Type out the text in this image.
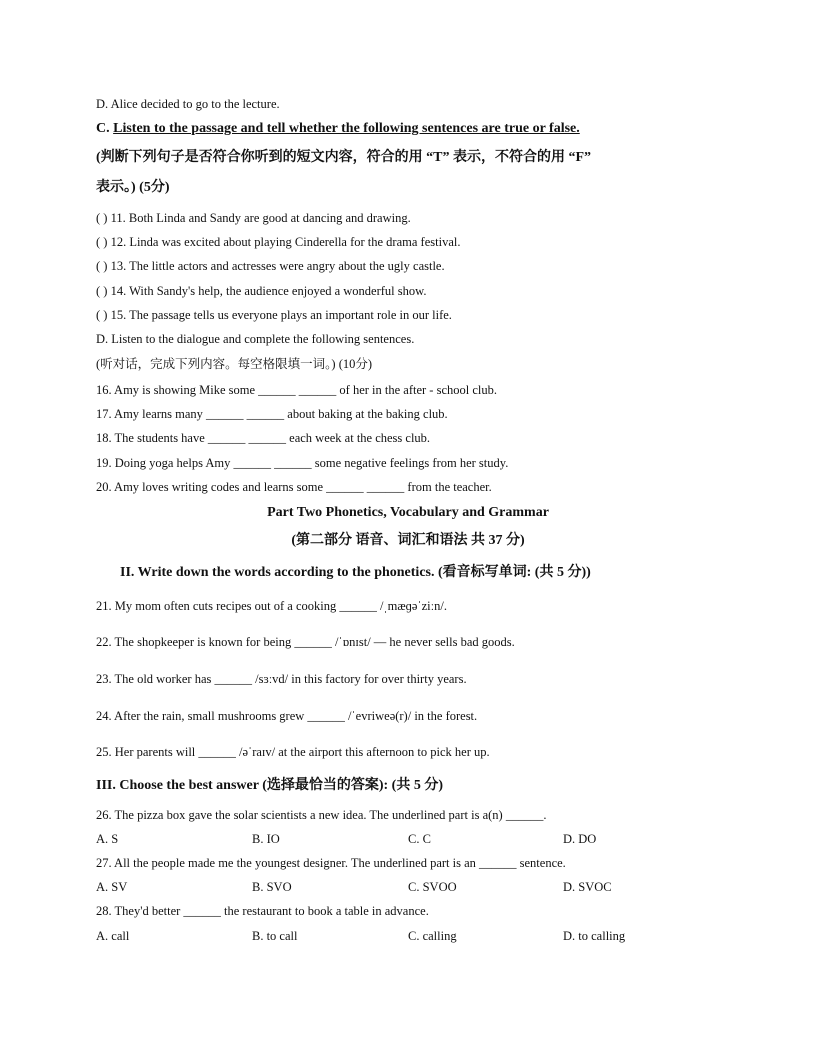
D. Alice decided to go to the lecture.
C. Listen to the passage and tell whether the following sentences are true or false.
(判断下列句子是否符合你听到的短文内容，符合的用 “T” 表示，不符合的用 “F”
表示。) (5分)
( ) 11. Both Linda and Sandy are good at dancing and drawing.
( ) 12. Linda was excited about playing Cinderella for the drama festival.
( ) 13. The little actors and actresses were angry about the ugly castle.
( ) 14. With Sandy's help, the audience enjoyed a wonderful show.
( ) 15. The passage tells us everyone plays an important role in our life.
D. Listen to the dialogue and complete the following sentences.
(听对话，完成下列内容。每空格限填一词。) (10分)
16. Amy is showing Mike some ______ ______ of her in the after - school club.
17. Amy learns many ______ ______ about baking at the baking club.
18. The students have ______ ______ each week at the chess club.
19. Doing yoga helps Amy ______ ______ some negative feelings from her study.
20. Amy loves writing codes and learns some ______ ______ from the teacher.
Part Two Phonetics, Vocabulary and Grammar
(第二部分 语音、词汇和语法 共 37 分)
II. Write down the words according to the phonetics. (看音标写单词: (共 5 分))
21. My mom often cuts recipes out of a cooking ______ /ˌmæɡəˈziːn/.
22. The shopkeeper is known for being ______ /ˈɒnɪst/ — he never sells bad goods.
23. The old worker has ______ /sɜːvd/ in this factory for over thirty years.
24. After the rain, small mushrooms grew ______ /ˈevriweə(r)/ in the forest.
25. Her parents will ______ /əˈraɪv/ at the airport this afternoon to pick her up.
III. Choose the best answer (选择最恰当的答案): (共 5 分)
26. The pizza box gave the solar scientists a new idea. The underlined part is a(n) ______.
A. S	B. IO	C. C	D. DO
27. All the people made me the youngest designer. The underlined part is an ______ sentence.
A. SV	B. SVO	C. SVOO	D. SVOC
28. They'd better ______ the restaurant to book a table in advance.
A. call	B. to call	C. calling	D. to calling
